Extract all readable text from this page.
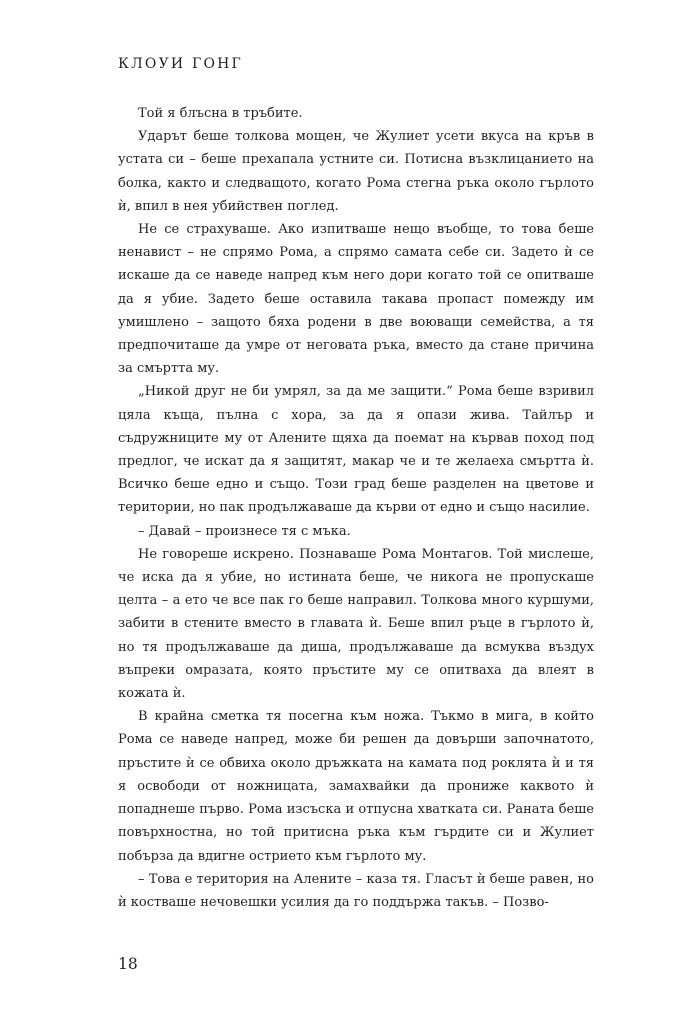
КЛОУИ ГОНГ

Той я блъсна в тръбите.

Ударът беше толкова мощен, че Жулиет усети вкуса на кръв в устата си – беше прехапала устните си. Потисна възклицанието на болка, както и следващото, когато Рома стегна ръка около гърлото ѝ, впил в нея убийствен поглед.

Не се страхуваше. Ако изпитваше нещо въобще, то това беше ненавист – не спрямо Рома, а спрямо самата себе си. Задето ѝ се искаше да се наведе напред към него дори когато той се опитваше да я убие. Задето беше оставила такава пропаст помежду им умишлено – защото бяха родени в две воюващи семейства, а тя предпочиташе да умре от неговата ръка, вместо да стане причина за смъртта му.

„Никой друг не би умрял, за да ме защити.“ Рома беше взривил цяла къща, пълна с хора, за да я опази жива. Тайлър и съдружниците му от Алените щяха да поемат на кървав поход под предлог, че искат да я защитят, макар че и те желаеха смъртта ѝ. Всичко беше едно и също. Този град беше разделен на цветове и територии, но пак продължаваше да кърви от едно и също насилие.

– Давай – произнесе тя с мъка.

Не говореше искрено. Познаваше Рома Монтагов. Той мислеше, че иска да я убие, но истината беше, че никога не пропускаше целта – а ето че все пак го беше направил. Толкова много куршуми, забити в стените вместо в главата ѝ. Беше впил ръце в гърлото ѝ, но тя продължаваше да диша, продължаваше да всмуква въздух въпреки омразата, която пръстите му се опитваха да влеят в кожата ѝ.

В крайна сметка тя посегна към ножа. Тъкмо в мига, в който Рома се наведе напред, може би решен да довърши започнатото, пръстите ѝ се обвиха около дръжката на камата под роклята ѝ и тя я освободи от ножницата, замахвайки да прониже каквото ѝ попаднеше първо. Рома изсъска и отпусна хватката си. Раната беше повърхностна, но той притисна ръка към гърдите си и Жулиет побърза да вдигне острието към гърлото му.

– Това е територия на Алените – каза тя. Гласът ѝ беше равен, но ѝ костваше нечовешки усилия да го поддържа такъв. – Позво-

18
